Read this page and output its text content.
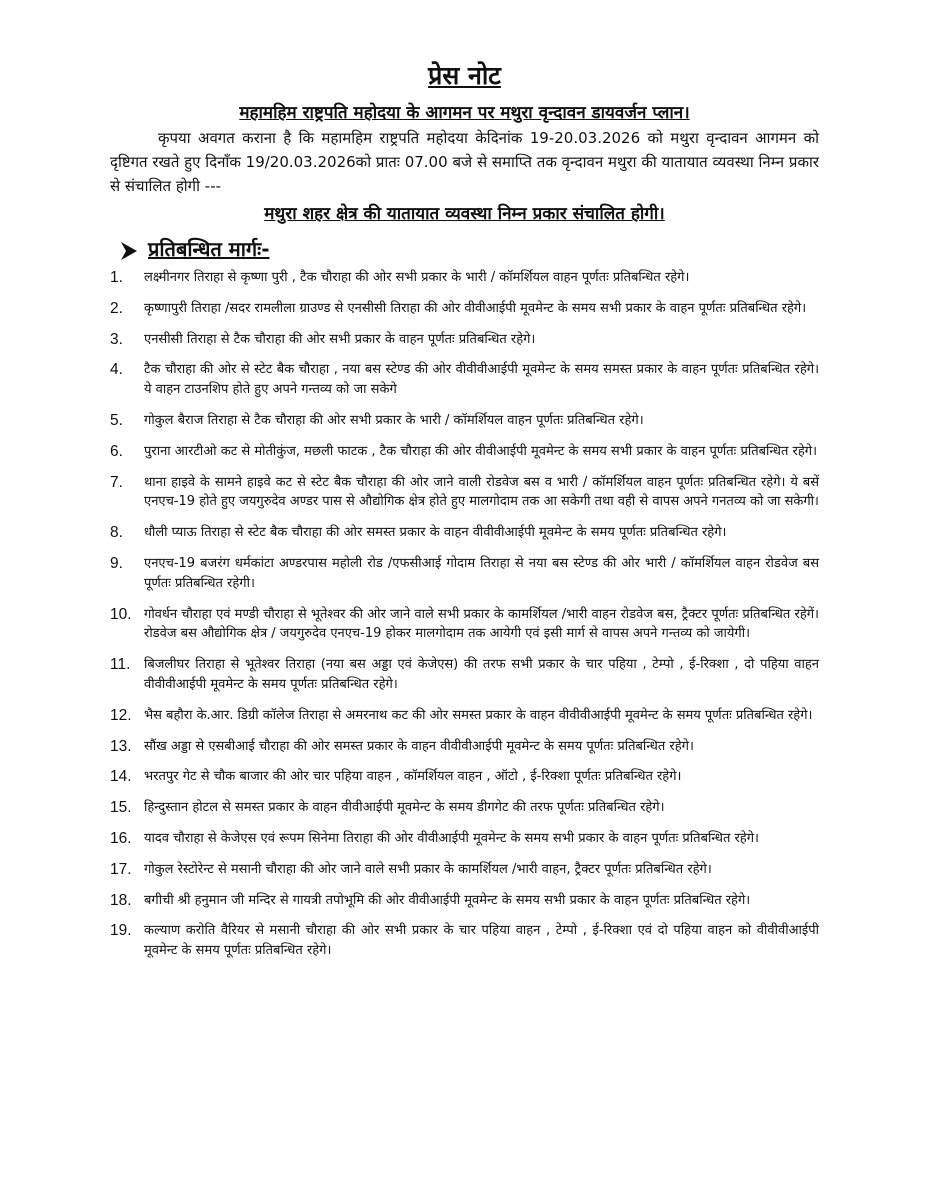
प्रेस नोट

महामहिम राष्ट्रपति महोदया के आगमन पर मथुरा वृन्दावन डायवर्जन प्लान।

कृपया अवगत कराना है कि महामहिम राष्ट्रपति महोदया केदिनांक 19-20.03.2026 को मथुरा वृन्दावन आगमन को दृष्टिगत रखते हुए दिनाँक 19/20.03.2026को प्रातः 07.00 बजे से समाप्ति तक वृन्दावन मथुरा की यातायात व्यवस्था निम्न प्रकार से संचालित होगी ---

मथुरा शहर क्षेत्र की यातायात व्यवस्था निम्न प्रकार संचालित होगी।

प्रतिबन्धित मार्गः-
1.	लक्ष्मीनगर तिराहा से कृष्णा पुरी , टैक चौराहा की ओर सभी प्रकार के भारी / कॉमर्शियल वाहन पूर्णतः प्रतिबन्धित रहेगे।
2.	कृष्णापुरी तिराहा /सदर रामलीला ग्राउण्ड से एनसीसी तिराहा की ओर वीवीआईपी मूवमेन्ट के समय सभी प्रकार के वाहन पूर्णतः प्रतिबन्धित रहेगे।
3.	एनसीसी तिराहा से टैक चौराहा की ओर सभी प्रकार के वाहन पूर्णतः प्रतिबन्धित रहेगे।
4.	टैक चौराहा की ओर से स्टेट बैक चौराहा , नया बस स्टेण्ड की ओर वीवीवीआईपी मूवमेन्ट के समय समस्त प्रकार के वाहन पूर्णतः प्रतिबन्धित रहेगे। ये वाहन टाउनशिप होते हुए अपने गन्तव्य को जा सकेगे
5.	गोकुल बैराज तिराहा से टैक चौराहा की ओर सभी प्रकार के भारी / कॉमर्शियल वाहन पूर्णतः प्रतिबन्धित रहेगे।
6.	पुराना आरटीओ कट से मोतीकुंज, मछली फाटक , टैक चौराहा की ओर वीवीआईपी मूवमेन्ट के समय सभी प्रकार के वाहन पूर्णतः प्रतिबन्धित रहेगे।
7.	थाना हाइवे के सामने हाइवे कट से स्टेट बैक चौराहा की ओर जाने वाली रोडवेज बस व भारी / कॉमर्शियल वाहन पूर्णतः प्रतिबन्धित रहेगे। ये बसें एनएच-19 होते हुए जयगुरुदेव अण्डर पास से औद्योगिक क्षेत्र होते हुए मालगोदाम तक आ सकेगी तथा वही से वापस अपने गनतव्य को जा सकेगी।
8.	धौली प्याऊ तिराहा से स्टेट बैक चौराहा की ओर समस्त प्रकार के वाहन वीवीवीआईपी मूवमेन्ट के समय पूर्णतः प्रतिबन्धित रहेगे।
9.	एनएच-19 बजरंग धर्मकांटा अण्डरपास महोली रोड /एफसीआई गोदाम तिराहा से नया बस स्टेण्ड की ओर भारी / कॉमर्शियल वाहन रोडवेज बस पूर्णतः प्रतिबन्धित रहेगी।
10. गोवर्धन चौराहा एवं मण्डी चौराहा से भूतेश्वर की ओर जाने वाले सभी प्रकार के कामर्शियल /भारी वाहन रोडवेज बस, ट्रैक्टर पूर्णतः प्रतिबन्धित रहेगें। रोडवेज बस औद्योगिक क्षेत्र / जयगुरुदेव एनएच-19 होकर मालगोदाम तक आयेगी एवं इसी मार्ग से वापस अपने गन्तव्य को जायेगी।
11.	बिजलीघर तिराहा से भूतेश्वर तिराहा (नया बस अड्डा एवं केजेएस) की तरफ सभी प्रकार के चार पहिया , टेम्पो , ई-रिक्शा , दो पहिया वाहन वीवीवीआईपी मूवमेन्ट के समय पूर्णतः प्रतिबन्धित रहेगे।
12. भैस बहौरा के.आर. डिग्री कॉलेज तिराहा से अमरनाथ कट की ओर समस्त प्रकार के वाहन वीवीवीआईपी मूवमेन्ट के समय पूर्णतः प्रतिबन्धित रहेगे।
13. सौंख अड्डा से एसबीआई चौराहा की ओर समस्त प्रकार के वाहन वीवीवीआईपी मूवमेन्ट के समय पूर्णतः प्रतिबन्धित रहेगे।
14. भरतपुर गेट से चौक बाजार की ओर चार पहिया वाहन , कॉमर्शियल वाहन , ऑटो , ई-रिक्शा पूर्णतः प्रतिबन्धित रहेगे।
15. हिन्दुस्तान होटल से समस्त प्रकार के वाहन वीवीआईपी मूवमेन्ट के समय डीगगेट की तरफ पूर्णतः प्रतिबन्धित रहेगे।
16. यादव चौराहा से केजेएस एवं रूपम सिनेमा तिराहा की ओर वीवीआईपी मूवमेन्ट के समय सभी प्रकार के वाहन पूर्णतः प्रतिबन्धित रहेगे।
17. गोकुल रेस्टोरेन्ट से मसानी चौराहा की ओर जाने वाले सभी प्रकार के कामर्शियल /भारी वाहन, ट्रैक्टर पूर्णतः प्रतिबन्धित रहेगे।
18. बगीची श्री हनुमान जी मन्दिर से गायत्री तपोभूमि की ओर वीवीआईपी मूवमेन्ट के समय सभी प्रकार के वाहन पूर्णतः प्रतिबन्धित रहेगे।
19. कल्याण करोति वैरियर से मसानी चौराहा की ओर सभी प्रकार के चार पहिया वाहन , टेम्पो , ई-रिक्शा एवं दो पहिया वाहन को वीवीवीआईपी मूवमेन्ट के समय पूर्णतः प्रतिबन्धित रहेगे।
